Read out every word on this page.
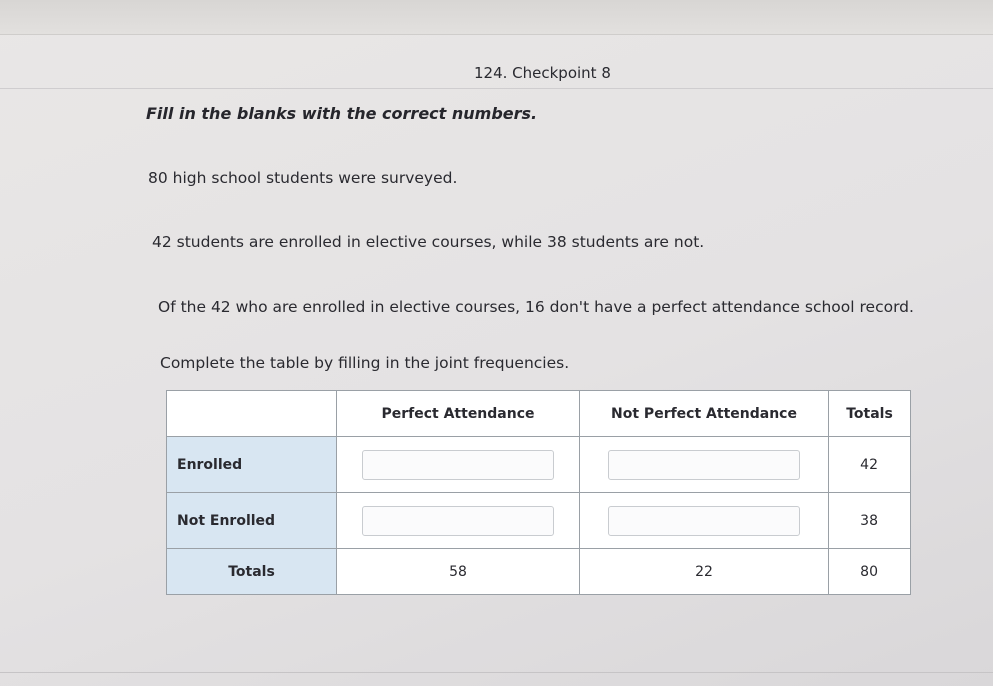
124. Checkpoint 8
Fill in the blanks with the correct numbers.
80 high school students were surveyed.
42 students are enrolled in elective courses, while 38 students are not.
Of the 42 who are enrolled in elective courses, 16 don't have a perfect attendance school record.
Complete the table by filling in the joint frequencies.
	Perfect Attendance	Not Perfect Attendance	Totals
Enrolled			42
Not Enrolled			38
Totals	58	22	80
